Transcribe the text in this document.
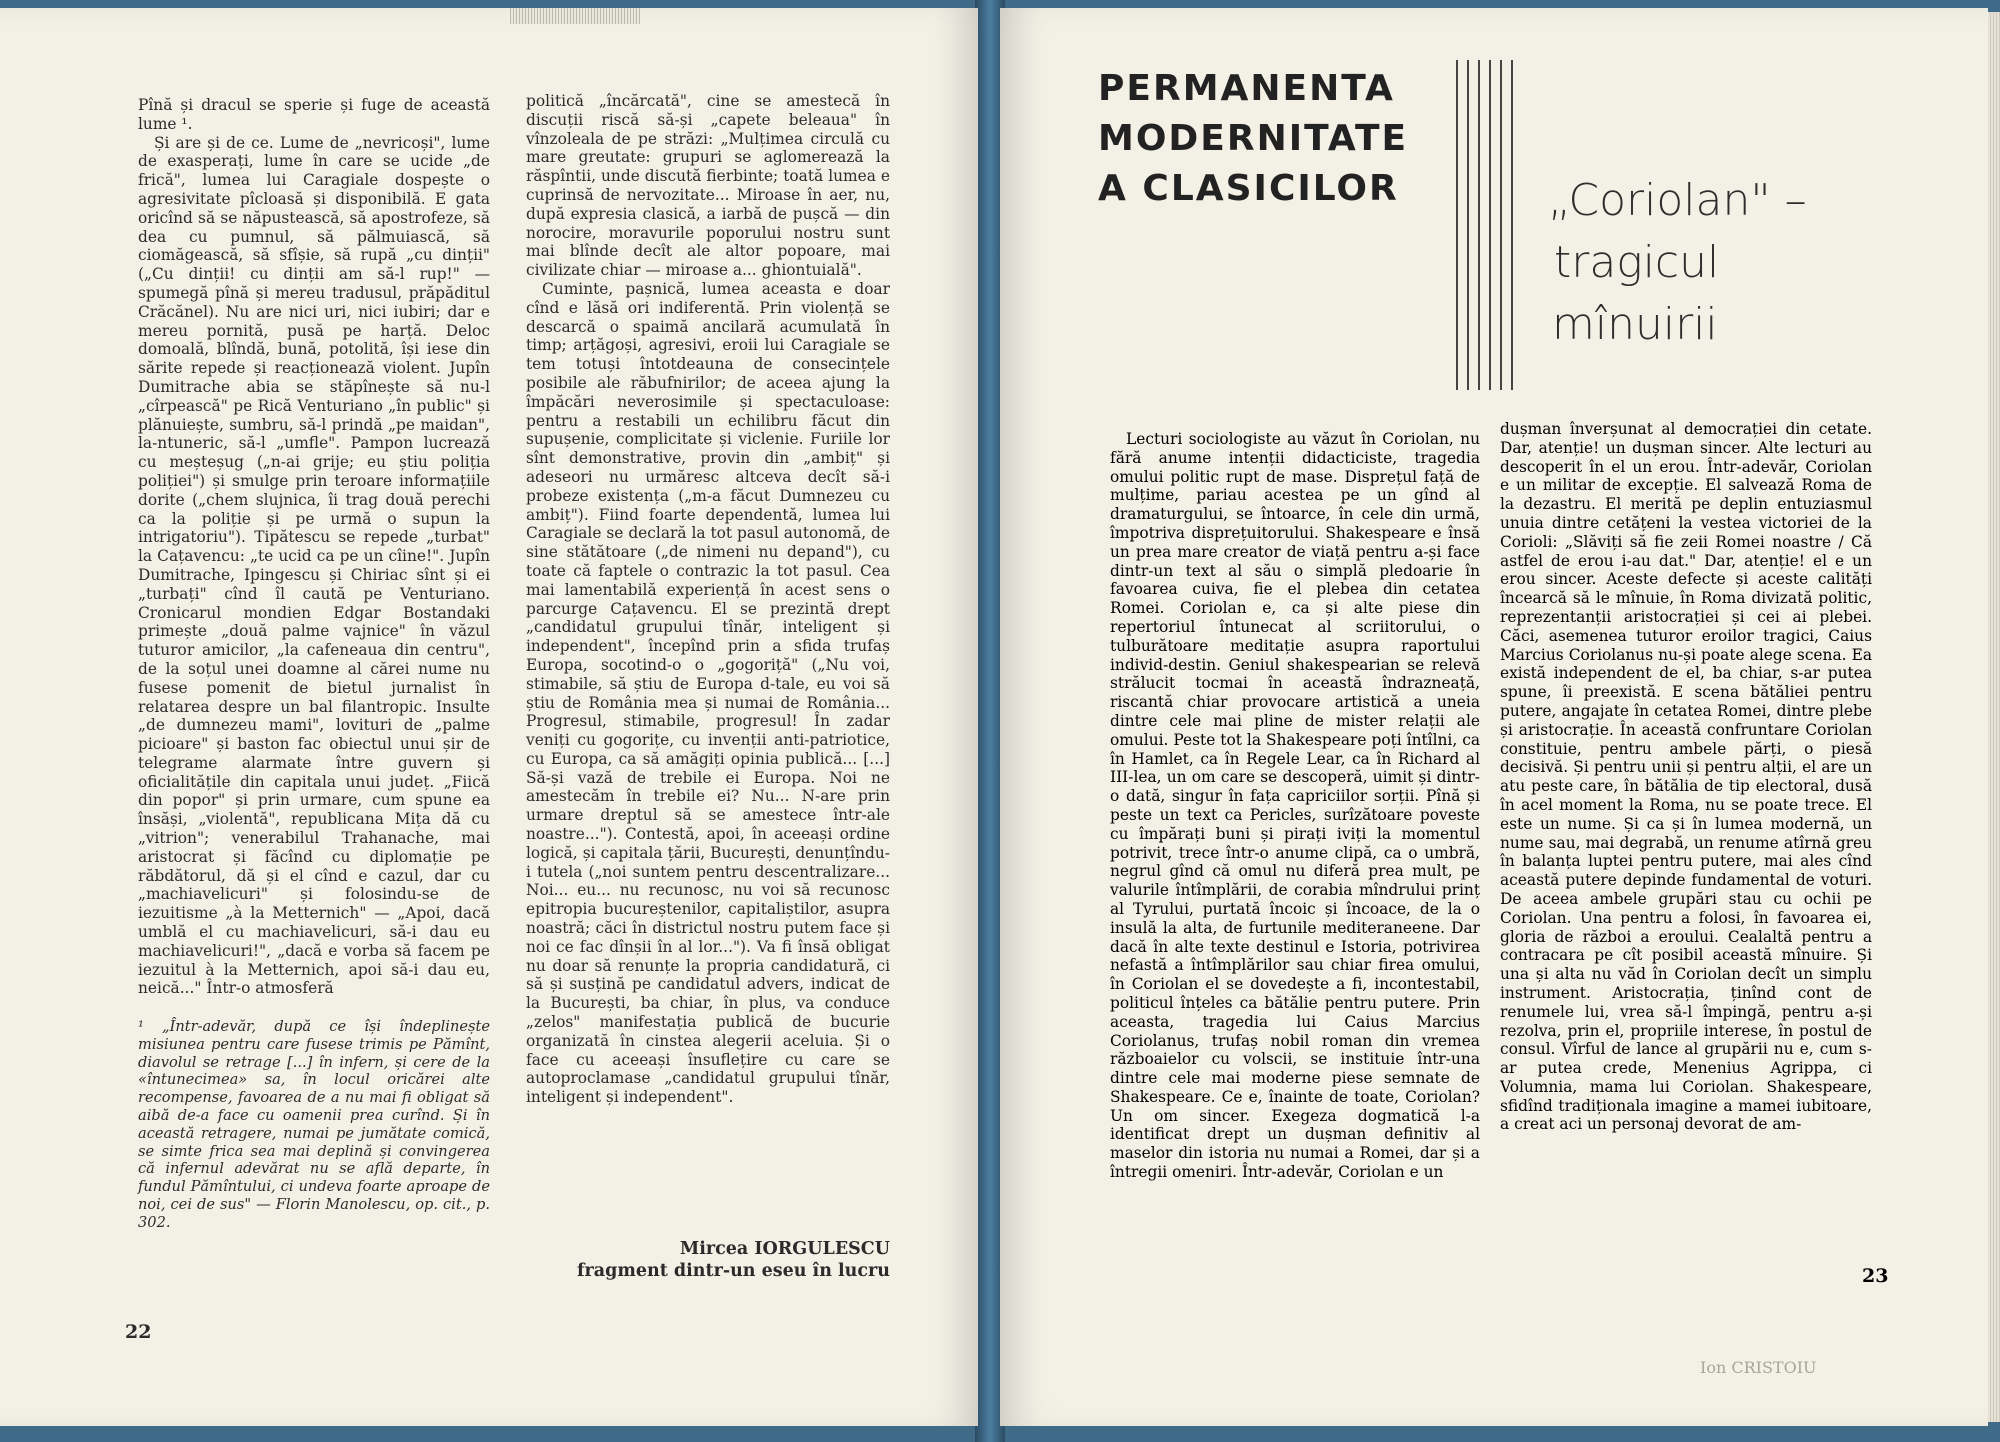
Pînă și dracul se sperie și fuge de această lume ¹.

Și are și de ce. Lume de „nevricoși", lume de exasperați, lume în care se ucide „de frică", lumea lui Caragiale dospește o agresivitate pîcloasă și disponibilă. E gata oricînd să se năpustească, să apostrofeze, să dea cu pumnul, să pălmuiască, să ciomăgească, să sfîșie, să rupă „cu dinții" („Cu dinții! cu dinții am să-l rup!" — spumegă pînă și mereu tradusul, prăpăditul Crăcănel). Nu are nici uri, nici iubiri; dar e mereu pornită, pusă pe harță. Deloc domoală, blîndă, bună, potolită, își iese din sărite repede și reacționează violent. Jupîn Dumitrache abia se stăpînește să nu-l „cîrpească" pe Rică Venturiano „în public" și plănuiește, sumbru, să-l prindă „pe maidan", la-ntuneric, să-l „umfle". Pampon lucrează cu meșteșug („n-ai grije; eu știu poliția poliției") și smulge prin teroare informațiile dorite („chem slujnica, îi trag două perechi ca la poliție și pe urmă o supun la intrigatoriu"). Tipătescu se repede „turbat" la Cațavencu: „te ucid ca pe un cîine!". Jupîn Dumitrache, Ipingescu și Chiriac sînt și ei „turbați" cînd îl caută pe Venturiano. Cronicarul mondien Edgar Bostandaki primește „două palme vajnice" în văzul tuturor amicilor, „la cafeneaua din centru", de la soțul unei doamne al cărei nume nu fusese pomenit de bietul jurnalist în relatarea despre un bal filantropic. Insulte „de dumnezeu mami", lovituri de „palme picioare" și baston fac obiectul unui șir de telegrame alarmate între guvern și oficialitățile din capitala unui județ. „Fiică din popor" și prin urmare, cum spune ea însăși, „violentă", republicana Mița dă cu „vitrion"; venerabilul Trahanache, mai aristocrat și făcînd cu diplomație pe răbdătorul, dă și el cînd e cazul, dar cu „machiavelicuri" și folosindu-se de iezuitisme „à la Metternich" — „Apoi, dacă umblă el cu machiavelicuri, să-i dau eu machiavelicuri!", „dacă e vorba să facem pe iezuitul à la Metternich, apoi să-i dau eu, neică..." Într-o atmosferă

¹ „Într-adevăr, după ce își îndeplinește misiunea pentru care fusese trimis pe Pămînt, diavolul se retrage [...] în infern, și cere de la «întunecimea» sa, în locul oricărei alte recompense, favoarea de a nu mai fi obligat să aibă de-a face cu oamenii prea curînd. Și în această retragere, numai pe jumătate comică, se simte frica sea mai deplină și convingerea că infernul adevărat nu se află departe, în fundul Pămîntului, ci undeva foarte aproape de noi, cei de sus" — Florin Manolescu, op. cit., p. 302.

politică „încărcată", cine se amestecă în discuții riscă să-și „capete beleaua" în vînzoleala de pe străzi: „Mulțimea circulă cu mare greutate: grupuri se aglomerează la răspîntii, unde discută fierbinte; toată lumea e cuprinsă de nervozitate... Miroase în aer, nu, după expresia clasică, a iarbă de pușcă — din norocire, moravurile poporului nostru sunt mai blînde decît ale altor popoare, mai civilizate chiar — miroase a... ghiontuială".

Cuminte, pașnică, lumea aceasta e doar cînd e lăsă ori indiferentă. Prin violență se descarcă o spaimă ancilară acumulată în timp; arțăgoși, agresivi, eroii lui Caragiale se tem totuși întotdeauna de consecințele posibile ale răbufnirilor; de aceea ajung la împăcări neverosimile și spectaculoase: pentru a restabili un echilibru făcut din supușenie, complicitate și viclenie. Furiile lor sînt demonstrative, provin din „ambiț" și adeseori nu urmăresc altceva decît să-i probeze existența („m-a făcut Dumnezeu cu ambiț"). Fiind foarte dependentă, lumea lui Caragiale se declară la tot pasul autonomă, de sine stătătoare („de nimeni nu depand"), cu toate că faptele o contrazic la tot pasul. Cea mai lamentabilă experiență în acest sens o parcurge Cațavencu. El se prezintă drept „candidatul grupului tînăr, inteligent și independent", începînd prin a sfida trufaș Europa, socotind-o o „gogoriță" („Nu voi, stimabile, să știu de Europa d-tale, eu voi să știu de România mea și numai de România... Progresul, stimabile, progresul! În zadar veniți cu gogorițe, cu invenții anti-patriotice, cu Europa, ca să amăgiți opinia publică... [...] Să-și vază de trebile ei Europa. Noi ne amestecăm în trebile ei? Nu... N-are prin urmare dreptul să se amestece într-ale noastre..."). Contestă, apoi, în aceeași ordine logică, și capitala țării, București, denunțîndu-i tutela („noi suntem pentru descentralizare... Noi... eu... nu recunosc, nu voi să recunosc epitropia bucureștenilor, capitaliștilor, asupra noastră; căci în districtul nostru putem face și noi ce fac dînșii în al lor..."). Va fi însă obligat nu doar să renunțe la propria candidatură, ci să și susțină pe candidatul advers, indicat de la București, ba chiar, în plus, va conduce „zelos" manifestația publică de bucurie organizată în cinstea alegerii aceluia. Și o face cu aceeași însuflețire cu care se autoproclamase „candidatul grupului tînăr, inteligent și independent".

Mircea IORGULESCU
fragment dintr-un eseu în lucru
22
PERMANENTA
MODERNITATE
A CLASICILOR	„Coriolan" –
tragicul
mînuirii

Lecturi sociologiste au văzut în Coriolan, nu fără anume intenții didacticiste, tragedia omului politic rupt de mase. Disprețul față de mulțime, pariau acestea pe un gînd al dramaturgului, se întoarce, în cele din urmă, împotriva disprețuitorului. Shakespeare e însă un prea mare creator de viață pentru a-și face dintr-un text al său o simplă pledoarie în favoarea cuiva, fie el plebea din cetatea Romei. Coriolan e, ca și alte piese din repertoriul întunecat al scriitorului, o tulburătoare meditație asupra raportului individ-destin. Geniul shakespearian se relevă strălucit tocmai în această îndrazneață, riscantă chiar provocare artistică a uneia dintre cele mai pline de mister relații ale omului. Peste tot la Shakespeare poți întîlni, ca în Hamlet, ca în Regele Lear, ca în Richard al III-lea, un om care se descoperă, uimit și dintr-o dată, singur în fața capriciilor sorții. Pînă și peste un text ca Pericles, surîzătoare poveste cu împărați buni și pirați iviți la momentul potrivit, trece într-o anume clipă, ca o umbră, negrul gînd că omul nu diferă prea mult, pe valurile întîmplării, de corabia mîndrului prinț al Tyrului, purtată încoic și încoace, de la o insulă la alta, de furtunile mediteraneene. Dar dacă în alte texte destinul e Istoria, potrivirea nefastă a întîmplărilor sau chiar firea omului, în Coriolan el se dovedește a fi, incontestabil, politicul înțeles ca bătălie pentru putere. Prin aceasta, tragedia lui Caius Marcius Coriolanus, trufaș nobil roman din vremea războaielor cu volscii, se instituie într-una dintre cele mai moderne piese semnate de Shakespeare. Ce e, înainte de toate, Coriolan? Un om sincer. Exegeza dogmatică l-a identificat drept un dușman definitiv al maselor din istoria nu numai a Romei, dar și a întregii omeniri. Într-adevăr, Coriolan e un

dușman înverșunat al democrației din cetate. Dar, atenție! un dușman sincer. Alte lecturi au descoperit în el un erou. Într-adevăr, Coriolan e un militar de excepție. El salvează Roma de la dezastru. El merită pe deplin entuziasmul unuia dintre cetățeni la vestea victoriei de la Corioli: „Slăviți să fie zeii Romei noastre / Că astfel de erou i-au dat." Dar, atenție! el e un erou sincer. Aceste defecte și aceste calități încearcă să le mînuie, în Roma divizată politic, reprezentanții aristocrației și cei ai plebei. Căci, asemenea tuturor eroilor tragici, Caius Marcius Coriolanus nu-și poate alege scena. Ea există independent de el, ba chiar, s-ar putea spune, îi preexistă. E scena bătăliei pentru putere, angajate în cetatea Romei, dintre plebe și aristocrație. În această confruntare Coriolan constituie, pentru ambele părți, o piesă decisivă. Și pentru unii și pentru alții, el are un atu peste care, în bătălia de tip electoral, dusă în acel moment la Roma, nu se poate trece. El este un nume. Și ca și în lumea modernă, un nume sau, mai degrabă, un renume atîrnă greu în balanța luptei pentru putere, mai ales cînd această putere depinde fundamental de voturi. De aceea ambele grupări stau cu ochii pe Coriolan. Una pentru a folosi, în favoarea ei, gloria de război a eroului. Cealaltă pentru a contracara pe cît posibil această mînuire. Și una și alta nu văd în Coriolan decît un simplu instrument. Aristocrația, ținînd cont de renumele lui, vrea să-l împingă, pentru a-și rezolva, prin el, propriile interese, în postul de consul. Vîrful de lance al grupării nu e, cum s-ar putea crede, Menenius Agrippa, ci Volumnia, mama lui Coriolan. Shakespeare, sfidînd tradiționala imagine a mamei iubitoare, a creat aci un personaj devorat de am-

23
Ion CRISTOIU
